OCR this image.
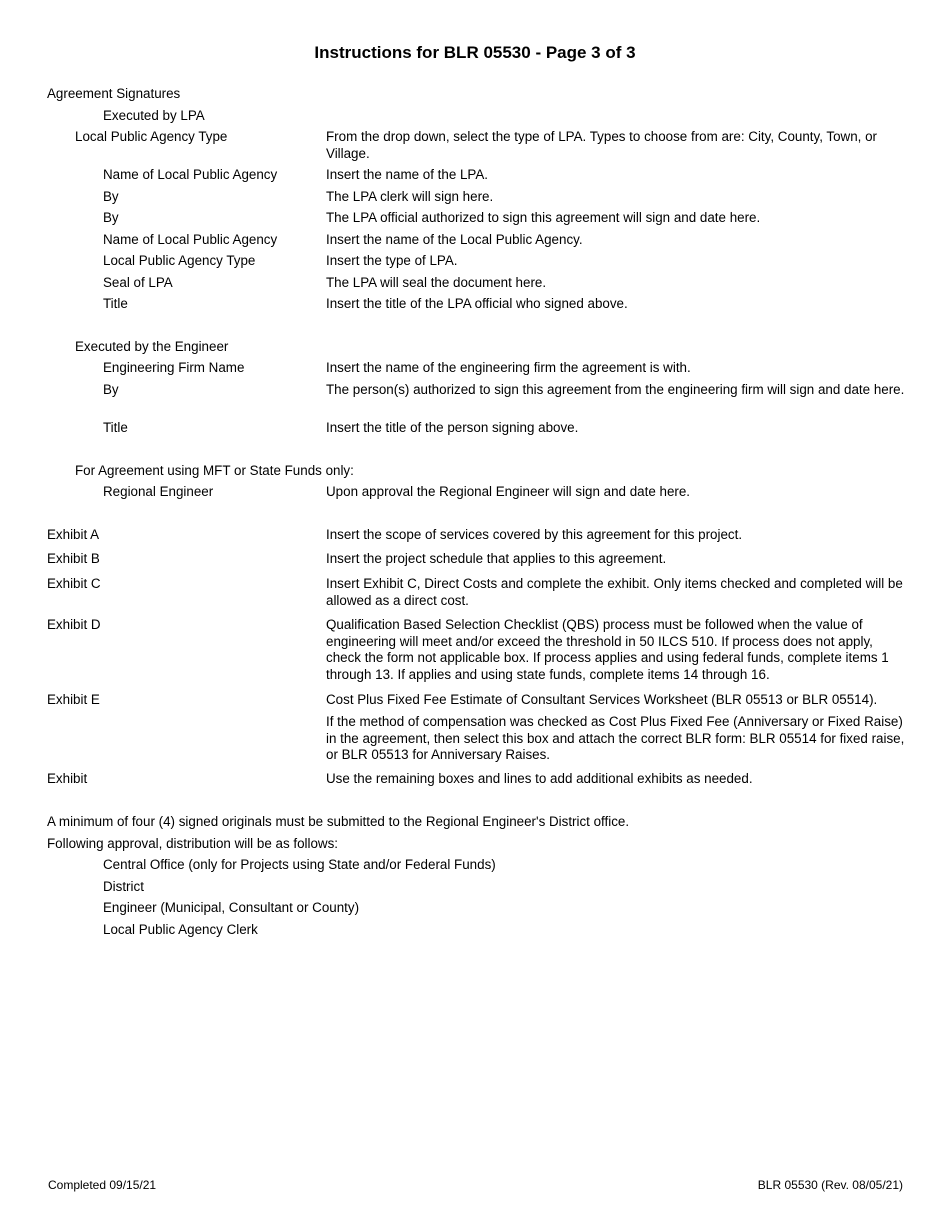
Instructions for BLR 05530 - Page 3 of 3
Agreement Signatures
Executed by LPA
Local Public Agency Type	From the drop down, select the type of LPA. Types to choose from are: City, County, Town, or Village.
Name of Local Public Agency	Insert the name of the LPA.
By	The LPA clerk will sign here.
By	The LPA official authorized to sign this agreement will sign and date here.
Name of Local Public Agency	Insert the name of the Local Public Agency.
Local Public Agency Type	Insert the type of LPA.
Seal of LPA	The LPA will seal the document here.
Title	Insert the title of the LPA official who signed above.
Executed by the Engineer
Engineering Firm Name	Insert the name of the engineering firm the agreement is with.
By	The person(s) authorized to sign this agreement from the engineering firm will sign and date here.
Title	Insert the title of the person signing above.
For Agreement using MFT or State Funds only:
Regional Engineer	Upon approval the Regional Engineer will sign and date here.
Exhibit A	Insert the scope of services covered by this agreement for this project.
Exhibit B	Insert the project schedule that applies to this agreement.
Exhibit C	Insert Exhibit C, Direct Costs and complete the exhibit. Only items checked and completed will be allowed as a direct cost.
Exhibit D	Qualification Based Selection Checklist (QBS) process must be followed when the value of engineering will meet and/or exceed the threshold in 50 ILCS 510. If process does not apply, check the form not applicable box. If process applies and using federal funds, complete items 1 through 13. If applies and using state funds, complete items 14 through 16.
Exhibit E	Cost Plus Fixed Fee Estimate of Consultant Services Worksheet (BLR 05513 or BLR 05514).
If the method of compensation was checked as Cost Plus Fixed Fee (Anniversary or Fixed Raise) in the agreement, then select this box and attach the correct BLR form: BLR 05514 for fixed raise, or BLR 05513 for Anniversary Raises.
Exhibit	Use the remaining boxes and lines to add additional exhibits as needed.
A minimum of four (4) signed originals must be submitted to the Regional Engineer's District office.
Following approval, distribution will be as follows:
Central Office (only for Projects using State and/or Federal Funds)
District
Engineer (Municipal, Consultant or County)
Local Public Agency Clerk
Completed 09/15/21	BLR 05530 (Rev. 08/05/21)
